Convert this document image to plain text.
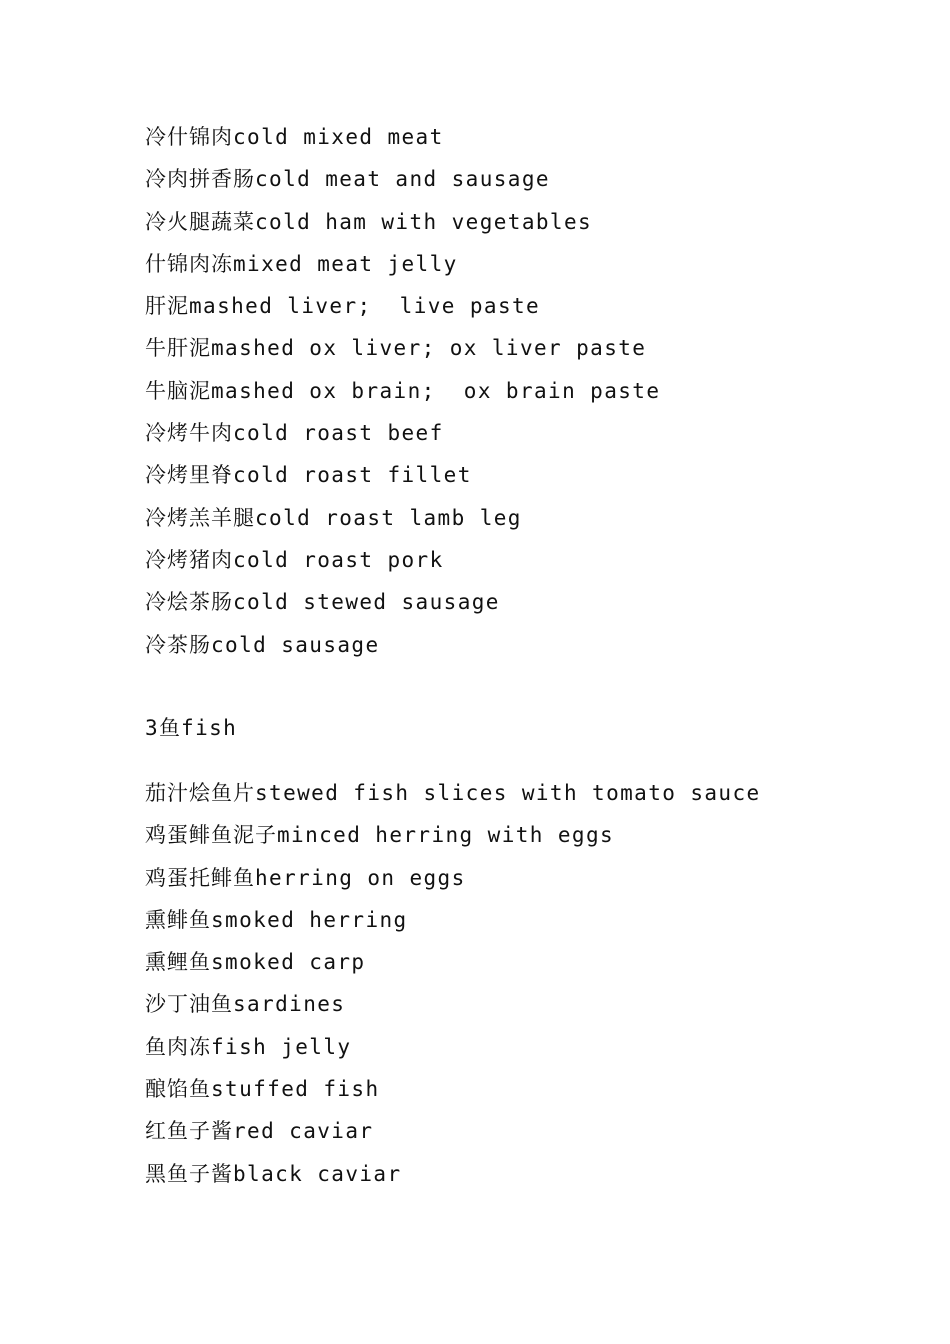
冷什锦肉cold mixed meat
冷肉拼香肠cold meat and sausage
冷火腿蔬菜cold ham with vegetables
什锦肉冻mixed meat jelly
肝泥mashed liver;  live paste
牛肝泥mashed ox liver; ox liver paste
牛脑泥mashed ox brain;  ox brain paste
冷烤牛肉cold roast beef
冷烤里脊cold roast fillet
冷烤羔羊腿cold roast lamb leg
冷烤猪肉cold roast pork
冷烩茶肠cold stewed sausage
冷茶肠cold sausage
3鱼fish
茄汁烩鱼片stewed fish slices with tomato sauce
鸡蛋鲱鱼泥子minced herring with eggs
鸡蛋托鲱鱼herring on eggs
熏鲱鱼smoked herring
熏鲤鱼smoked carp
沙丁油鱼sardines
鱼肉冻fish jelly
酿馅鱼stuffed fish
红鱼子酱red caviar
黑鱼子酱black caviar
